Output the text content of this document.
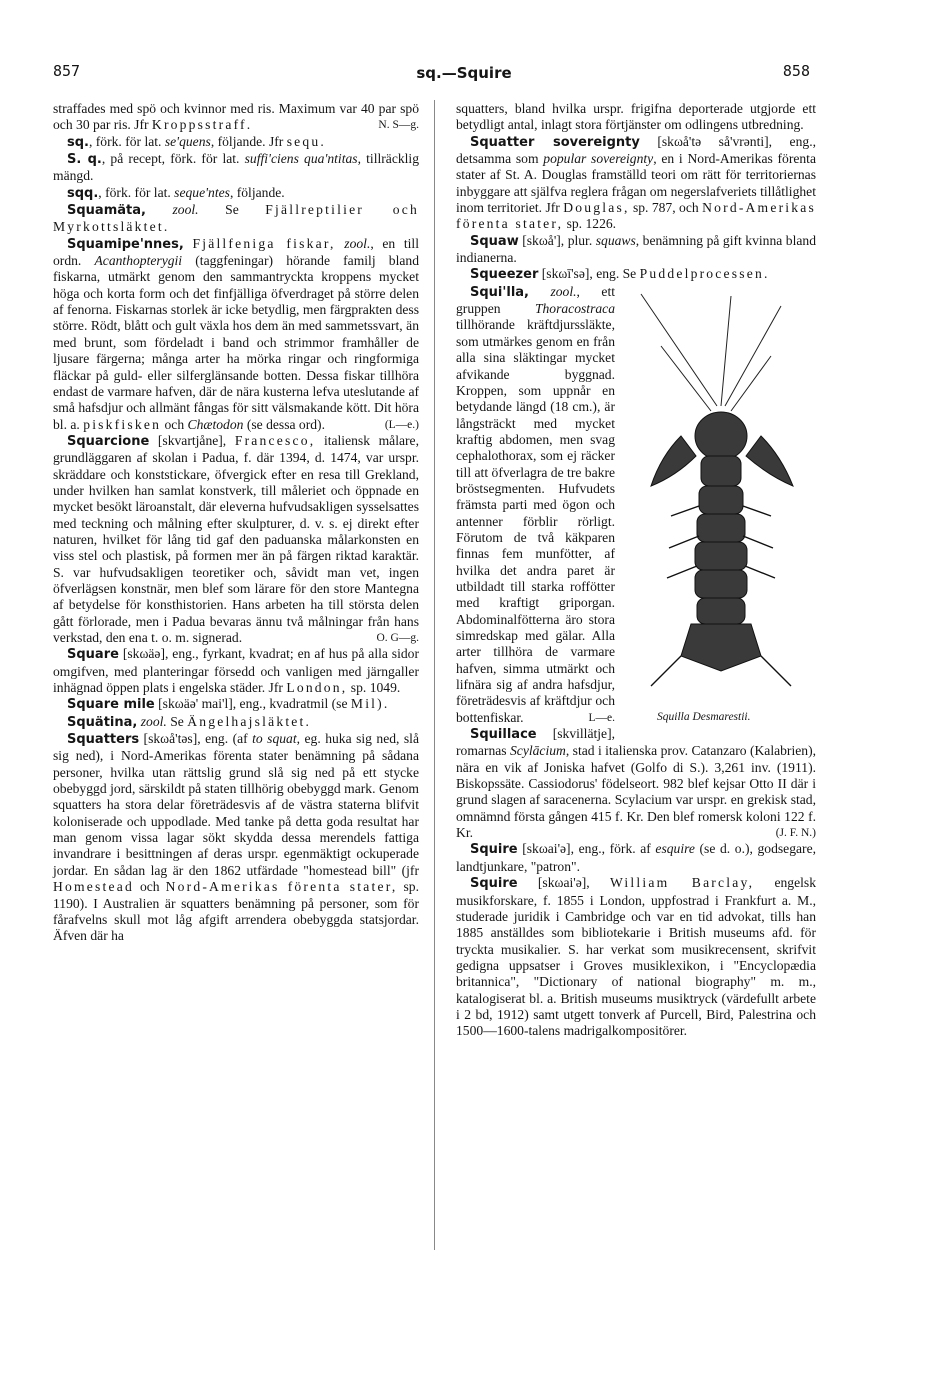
857	sq.—Squire	858

straffades med spö och kvinnor med ris. Maximum var 40 par spö och 30 par ris. Jfr Kroppsstraff.	N. S—g.

sq., förk. för lat. se'quens, följande. Jfr sequ.

S. q., på recept, förk. för lat. suffi'ciens qua'ntitas, tillräcklig mängd.

sqq., förk. för lat. seque'ntes, följande.

Squamäta, zool. Se Fjällreptilier och Myrkottsläktet.

Squamipe'nnes, Fjällfeniga fiskar, zool., en till ordn. Acanthopterygii (taggfeningar) hörande familj bland fiskarna, utmärkt genom den sammantryckta kroppens mycket höga och korta form och det finfjälliga öfverdraget på större delen af fenorna. Fiskarnas storlek är icke betydlig, men färgprakten dess större. Rödt, blått och gult växla hos dem än med sammetssvart, än med brunt, som fördeladt i band och strimmor framhåller de ljusare färgerna; många arter ha mörka ringar och ringformiga fläckar på guld- eller silferglänsande botten. Dessa fiskar tillhöra endast de varmare hafven, där de nära kusterna lefva uteslutande af små hafsdjur och allmänt fångas för sitt välsmakande kött. Dit höra bl. a. piskfisken och Chætodon (se dessa ord).	(L—e.)

Squarcione [skvartjåne], Francesco, italiensk målare, grundläggaren af skolan i Padua, f. där 1394, d. 1474, var urspr. skräddare och konststickare, öfvergick efter en resa till Grekland, under hvilken han samlat konstverk, till måleriet och öppnade en mycket besökt läroanstalt, där eleverna hufvudsakligen sysselsattes med teckning och målning efter skulpturer, d. v. s. ej direkt efter naturen, hvilket för lång tid gaf den paduanska målarkonsten en viss stel och plastisk, på formen mer än på färgen riktad karaktär. S. var hufvudsakligen teoretiker och, såvidt man vet, ingen öfverlägsen konstnär, men blef som lärare för den store Mantegna af betydelse för konsthistorien. Hans arbeten ha till största delen gått förlorade, men i Padua bevaras ännu två målningar från hans verkstad, den ena t. o. m. signerad.	O. G—g.

Square [skωäə], eng., fyrkant, kvadrat; en af hus på alla sidor omgifven, med planteringar försedd och vanligen med järngaller inhägnad öppen plats i engelska städer. Jfr London, sp. 1049.

Square mile [skωäə' mai'l], eng., kvadratmil (se Mil).

Squätina, zool. Se Ängelhajsläktet.

Squatters [skωå'təs], eng. (af to squat, eg. huka sig ned, slå sig ned), i Nord-Amerikas förenta stater benämning på sådana personer, hvilka utan rättslig grund slå sig ned på ett stycke obebyggd jord, särskildt på staten tillhörig obebyggd mark. Genom squatters ha stora delar företrädesvis af de västra staterna blifvit koloniserade och uppodlade. Med tanke på detta goda resultat har man genom vissa lagar sökt skydda dessa merendels fattiga invandrare i besittningen af deras urspr. egenmäktigt ockuperade jordar. En sådan lag är den 1862 utfärdade "homestead bill" (jfr Homestead och Nord-Amerikas förenta stater, sp. 1190). I Australien är squatters benämning på personer, som för fårafvelns skull mot låg afgift arrendera obebyggda statsjordar. Äfven där ha

squatters, bland hvilka urspr. frigifna deporterade utgjorde ett betydligt antal, inlagt stora förtjänster om odlingens utbredning.

Squatter sovereignty [skωå'tə så'vrənti], eng., detsamma som popular sovereignty, en i Nord-Amerikas förenta stater af St. A. Douglas framställd teori om rätt för territoriernas inbyggare att själfva reglera frågan om negerslafveriets tillåtlighet inom territoriet. Jfr Douglas, sp. 787, och Nord-Amerikas förenta stater, sp. 1226.

Squaw [skωå'], plur. squaws, benämning på gift kvinna bland indianerna.

Squeezer [skωī'sə], eng. Se Puddelprocessen.

Squilla Desmarestii.
Squi'lla, zool., ett gruppen Thoracostraca tillhörande kräftdjurssläkte, som utmärkes genom en från alla sina släktingar mycket afvikande byggnad. Kroppen, som uppnår en betydande längd (18 cm.), är långsträckt med mycket kraftig abdomen, men svag cephalothorax, som ej räcker till att öfverlagra de tre bakre bröstsegmenten. Hufvudets främsta parti med ögon och antenner förblir rörligt. Förutom de två käkparen finnas fem munfötter, af hvilka det andra paret är utbildadt till starka roffötter med kraftigt griporgan. Abdominalfötterna äro stora simredskap med gälar. Alla arter tillhöra de varmare hafven, simma utmärkt och lifnära sig af andra hafsdjur, företrädesvis af kräftdjur och bottenfiskar.	L—e.

Squillace [skvillätje], romarnas Scylācium, stad i italienska prov. Catanzaro (Kalabrien), nära en vik af Joniska hafvet (Golfo di S.). 3,261 inv. (1911). Biskopssäte. Cassiodorus' födelseort. 982 blef kejsar Otto II där i grund slagen af saracenerna. Scylacium var urspr. en grekisk stad, omnämnd första gången 415 f. Kr. Den blef romersk koloni 122 f. Kr.	(J. F. N.)

Squire [skωai'ə], eng., förk. af esquire (se d. o.), godsegare, landtjunkare, "patron".

Squire [skωai'ə], William Barclay, engelsk musikforskare, f. 1855 i London, uppfostrad i Frankfurt a. M., studerade juridik i Cambridge och var en tid advokat, tills han 1885 anställdes som bibliotekarie i British museums afd. för tryckta musikalier. S. har verkat som musikrecensent, skrifvit gedigna uppsatser i Groves musiklexikon, i "Encyclopædia britannica", "Dictionary of national biography" m. m., katalogiserat bl. a. British museums musiktryck (värdefullt arbete i 2 bd, 1912) samt utgett tonverk af Purcell, Bird, Palestrina och 1500—1600-talens madrigalkompositörer.
